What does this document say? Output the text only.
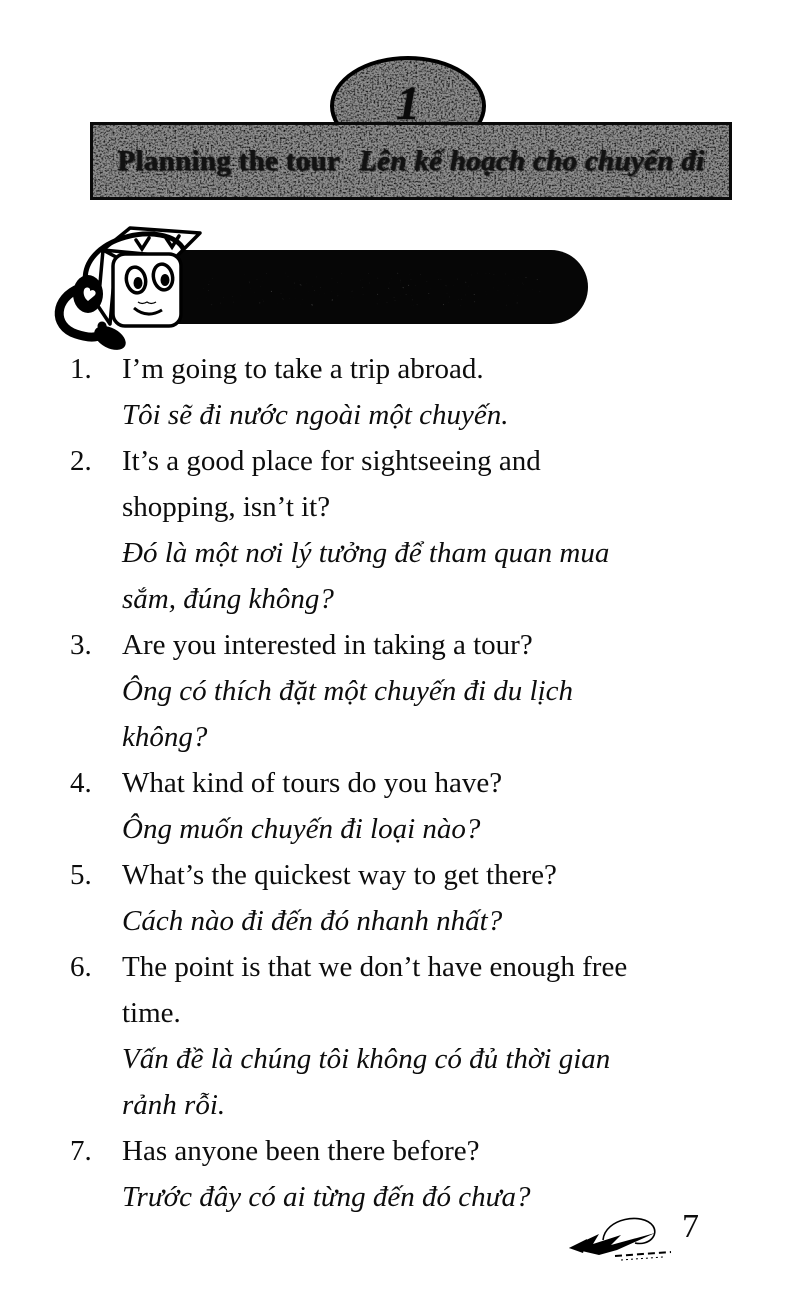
1
Planning the tour Lên kế hoạch cho chuyến đi
1.	I’m going to take a trip abroad.
Tôi sẽ đi nước ngoài một chuyến.
2.	It’s a good place for sightseeing and
shopping, isn’t it?
Đó là một nơi lý tưởng để tham quan mua
sắm, đúng không?
3.	Are you interested in taking a tour?
Ông có thích đặt một chuyến đi du lịch
không?
4.	What kind of tours do you have?
Ông muốn chuyến đi loại nào?
5.	What’s the quickest way to get there?
Cách nào đi đến đó nhanh nhất?
6.	The point is that we don’t have enough free
time.
Vấn đề là chúng tôi không có đủ thời gian
rảnh rỗi.
7.	Has anyone been there before?
Trước đây có ai từng đến đó chưa?
7
